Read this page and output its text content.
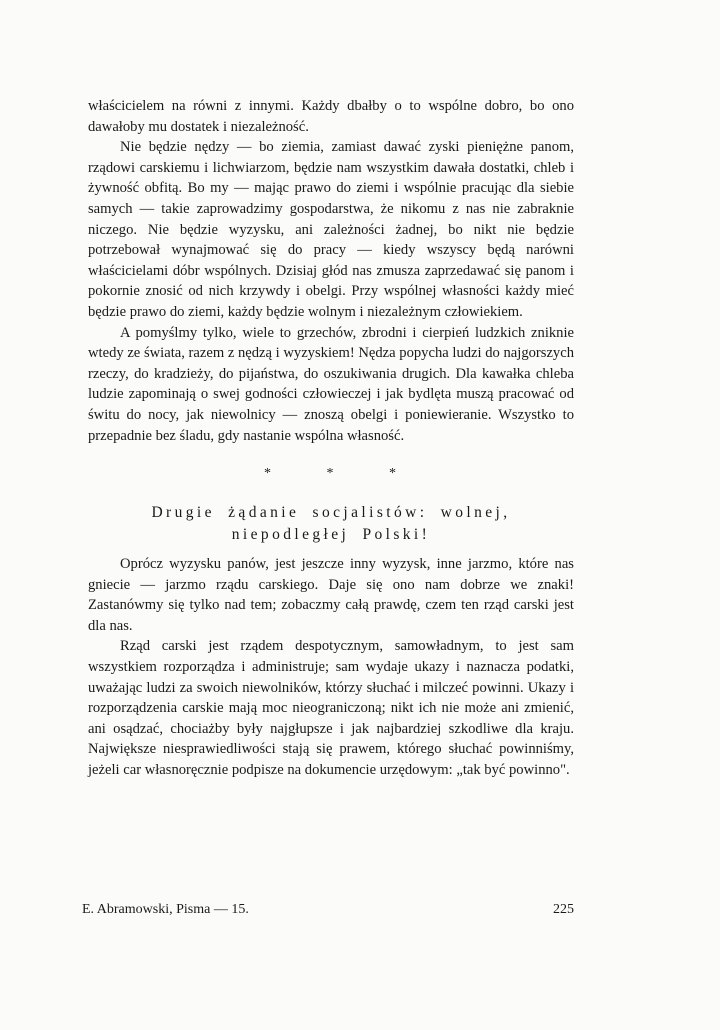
właścicielem na równi z innymi. Każdy dbałby o to wspólne dobro, bo ono dawałoby mu dostatek i niezależność.

Nie będzie nędzy — bo ziemia, zamiast dawać zyski pieniężne panom, rządowi carskiemu i lichwiarzom, będzie nam wszystkim dawała dostatki, chleb i żywność obfitą. Bo my — mając prawo do ziemi i wspólnie pracując dla siebie samych — takie zaprowadzimy gospodarstwa, że nikomu z nas nie zabraknie niczego. Nie będzie wyzysku, ani zależności żadnej, bo nikt nie będzie potrzebował wynajmować się do pracy — kiedy wszyscy będą narówni właścicielami dóbr wspólnych. Dzisiaj głód nas zmusza zaprzedawać się panom i pokornie znosić od nich krzywdy i obelgi. Przy wspólnej własności każdy mieć będzie prawo do ziemi, każdy będzie wolnym i niezależnym człowiekiem.

A pomyślmy tylko, wiele to grzechów, zbrodni i cierpień ludzkich zniknie wtedy ze świata, razem z nędzą i wyzyskiem! Nędza popycha ludzi do najgorszych rzeczy, do kradzieży, do pijaństwa, do oszukiwania drugich. Dla kawałka chleba ludzie zapominają o swej godności człowieczej i jak bydlęta muszą pracować od świtu do nocy, jak niewolnicy — znoszą obelgi i poniewieranie. Wszystko to przepadnie bez śladu, gdy nastanie wspólna własność.

* * *
Drugie żądanie socjalistów: wolnej, niepodległej Polski!

Oprócz wyzysku panów, jest jeszcze inny wyzysk, inne jarzmo, które nas gniecie — jarzmo rządu carskiego. Daje się ono nam dobrze we znaki! Zastanówmy się tylko nad tem; zobaczmy całą prawdę, czem ten rząd carski jest dla nas.

Rząd carski jest rządem despotycznym, samowładnym, to jest sam wszystkiem rozporządza i administruje; sam wydaje ukazy i naznacza podatki, uważając ludzi za swoich niewolników, którzy słuchać i milczeć powinni. Ukazy i rozporządzenia carskie mają moc nieograniczoną; nikt ich nie może ani zmienić, ani osądzać, chociażby były najgłupsze i jak najbardziej szkodliwe dla kraju. Największe niesprawiedliwości stają się prawem, którego słuchać powinniśmy, jeżeli car własnoręcznie podpisze na dokumencie urzędowym: „tak być powinno".

E. Abramowski, Pisma — 15.	225
